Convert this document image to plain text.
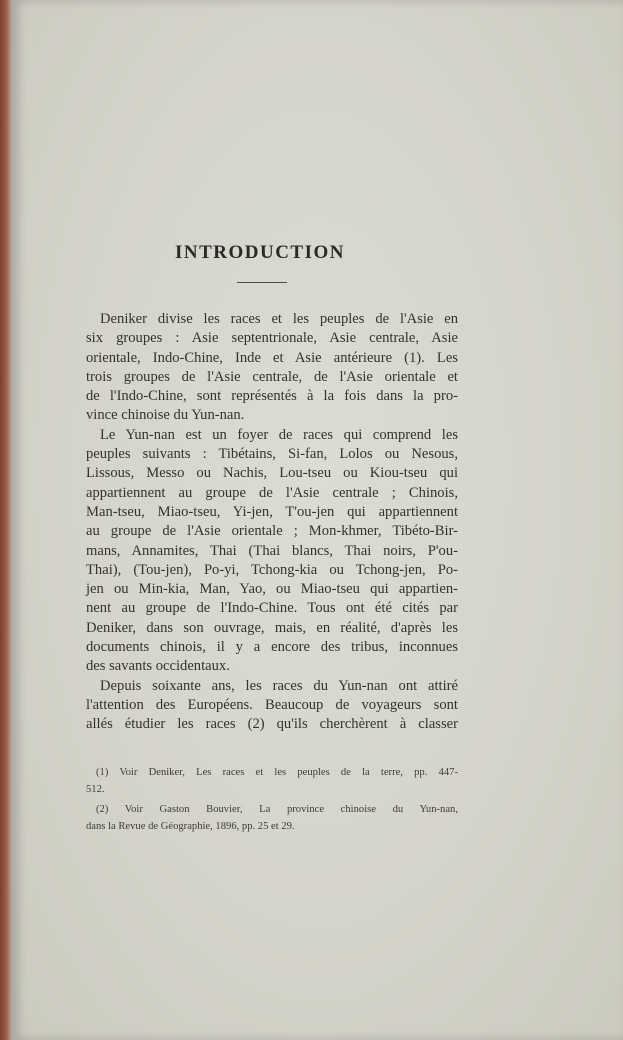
INTRODUCTION
Deniker divise les races et les peuples de l'Asie en
six groupes : Asie septentrionale, Asie centrale, Asie
orientale, Indo-Chine, Inde et Asie antérieure (1). Les
trois groupes de l'Asie centrale, de l'Asie orientale et
de l'Indo-Chine, sont représentés à la fois dans la pro-
vince chinoise du Yun-nan.
Le Yun-nan est un foyer de races qui comprend les
peuples suivants : Tibétains, Si-fan, Lolos ou Nesous,
Lissous, Messo ou Nachis, Lou-tseu ou Kiou-tseu qui
appartiennent au groupe de l'Asie centrale ; Chinois,
Man-tseu, Miao-tseu, Yi-jen, T'ou-jen qui appartiennent
au groupe de l'Asie orientale ; Mon-khmer, Tibéto-Bir-
mans, Annamites, Thai (Thai blancs, Thai noirs, P'ou-
Thai), (Tou-jen), Po-yi, Tchong-kia ou Tchong-jen, Po-
jen ou Min-kia, Man, Yao, ou Miao-tseu qui appartien-
nent au groupe de l'Indo-Chine. Tous ont été cités par
Deniker, dans son ouvrage, mais, en réalité, d'après les
documents chinois, il y a encore des tribus, inconnues
des savants occidentaux.
Depuis soixante ans, les races du Yun-nan ont attiré
l'attention des Européens. Beaucoup de voyageurs sont
allés étudier les races (2) qu'ils cherchèrent à classer
(1) Voir Deniker, Les races et les peuples de la terre, pp. 447-
512.
(2) Voir Gaston Bouvier, La province chinoise du Yun-nan,
dans la Revue de Géographie, 1896, pp. 25 et 29.
